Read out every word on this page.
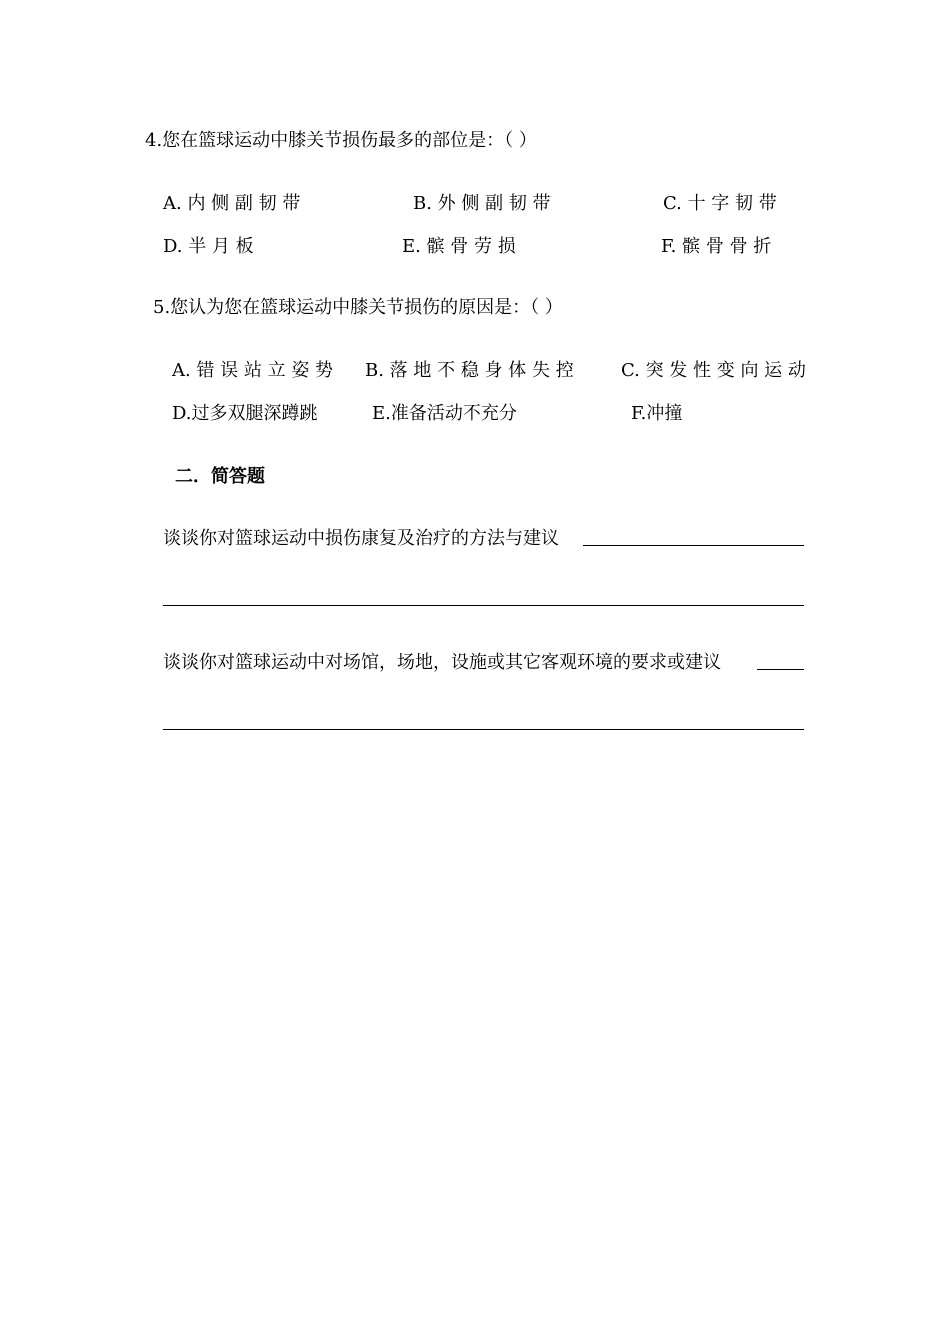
4.您在篮球运动中膝关节损伤最多的部位是：（ ）
A. 内 侧 副 韧 带	B. 外 侧 副 韧 带	C. 十 字 韧 带
D. 半 月 板	E. 髌 骨 劳 损	F. 髌 骨 骨 折
5.您认为您在篮球运动中膝关节损伤的原因是：（ ）
A. 错 误 站 立 姿 势 B. 落 地 不 稳 身 体 失 控	C. 突 发 性 变 向 运 动
D.过多双腿深蹲跳	E.准备活动不充分	F.冲撞
二．简答题
谈谈你对篮球运动中损伤康复及治疗的方法与建议
谈谈你对篮球运动中对场馆，场地，设施或其它客观环境的要求或建议
